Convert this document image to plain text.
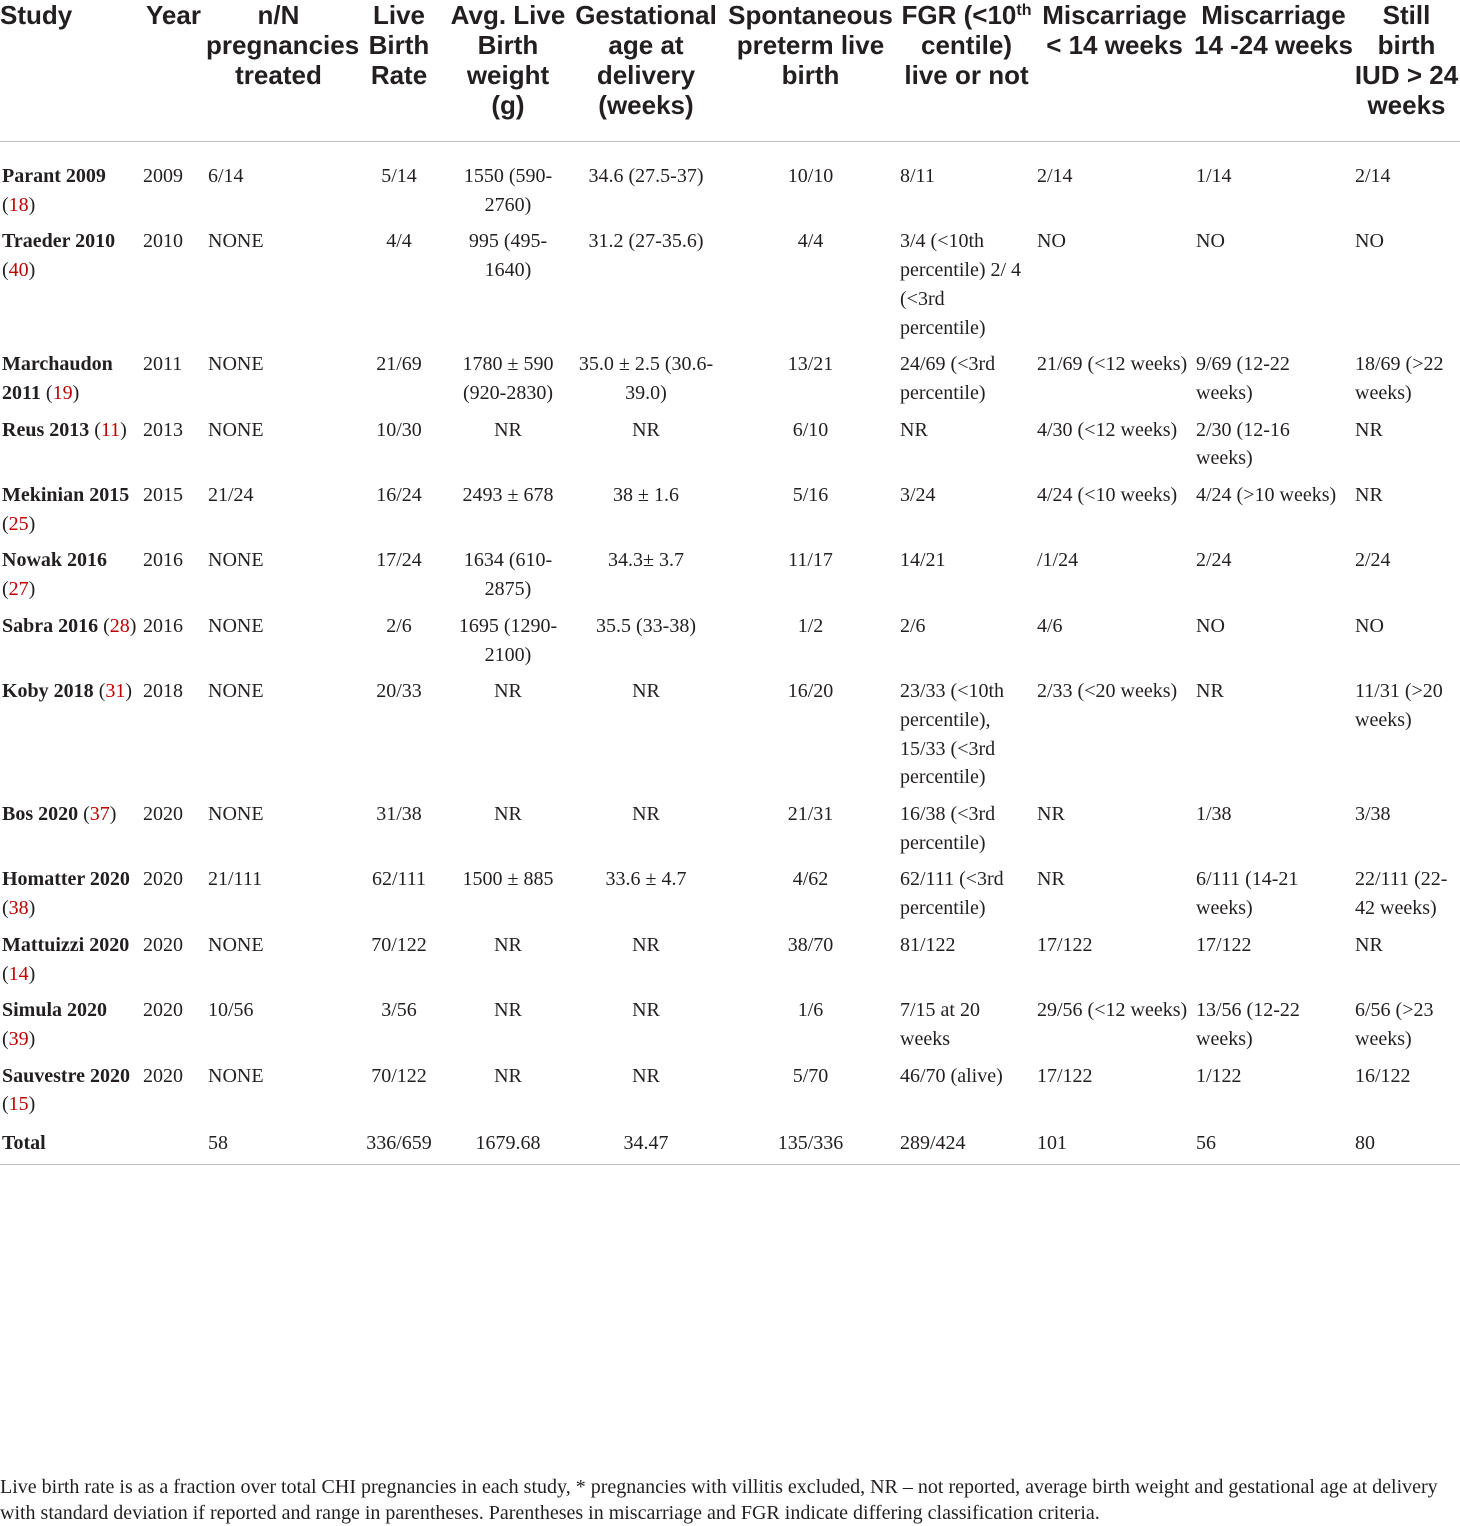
Study	Year	n/N pregnancies treated	Live Birth Rate	Avg. Live Birth weight (g)	Gestational age at delivery (weeks)	Spontaneous preterm live birth	FGR (<10th centile) live or not	Miscarriage < 14 weeks	Miscarriage 14 -24 weeks	Still birth IUD > 24 weeks
Parant 2009 (18)	2009	6/14	5/14	1550 (590-2760)	34.6 (27.5-37)	10/10	8/11	2/14	1/14	2/14
Traeder 2010 (40)	2010	NONE	4/4	995 (495-1640)	31.2 (27-35.6)	4/4	3/4 (<10th percentile) 2/ 4 (<3rd percentile)	NO	NO	NO
Marchaudon 2011 (19)	2011	NONE	21/69	1780 ± 590 (920-2830)	35.0 ± 2.5 (30.6-39.0)	13/21	24/69 (<3rd percentile)	21/69 (<12 weeks)	9/69 (12-22 weeks)	18/69 (>22 weeks)
Reus 2013 (11)	2013	NONE	10/30	NR	NR	6/10	NR	4/30 (<12 weeks)	2/30 (12-16 weeks)	NR
Mekinian 2015 (25)	2015	21/24	16/24	2493 ± 678	38 ± 1.6	5/16	3/24	4/24 (<10 weeks)	4/24 (>10 weeks)	NR
Nowak 2016 (27)	2016	NONE	17/24	1634 (610-2875)	34.3± 3.7	11/17	14/21	/1/24	2/24	2/24
Sabra 2016 (28)	2016	NONE	2/6	1695 (1290- 2100)	35.5 (33-38)	1/2	2/6	4/6	NO	NO
Koby 2018 (31)	2018	NONE	20/33	NR	NR	16/20	23/33 (<10th percentile), 15/33 (<3rd percentile)	2/33 (<20 weeks)	NR	11/31 (>20 weeks)
Bos 2020 (37)	2020	NONE	31/38	NR	NR	21/31	16/38 (<3rd percentile)	NR	1/38	3/38
Homatter 2020 (38)	2020	21/111	62/111	1500 ± 885	33.6 ± 4.7	4/62	62/111 (<3rd percentile)	NR	6/111 (14-21 weeks)	22/111 (22-42 weeks)
Mattuizzi 2020 (14)	2020	NONE	70/122	NR	NR	38/70	81/122	17/122	17/122	NR
Simula 2020 (39)	2020	10/56	3/56	NR	NR	1/6	7/15 at 20 weeks	29/56 (<12 weeks)	13/56 (12-22 weeks)	6/56 (>23 weeks)
Sauvestre 2020 (15)	2020	NONE	70/122	NR	NR	5/70	46/70 (alive)	17/122	1/122	16/122
Total		58	336/659	1679.68	34.47	135/336	289/424	101	56	80
Live birth rate is as a fraction over total CHI pregnancies in each study, * pregnancies with villitis excluded, NR – not reported, average birth weight and gestational age at delivery with standard deviation if reported and range in parentheses. Parentheses in miscarriage and FGR indicate differing classification criteria.
